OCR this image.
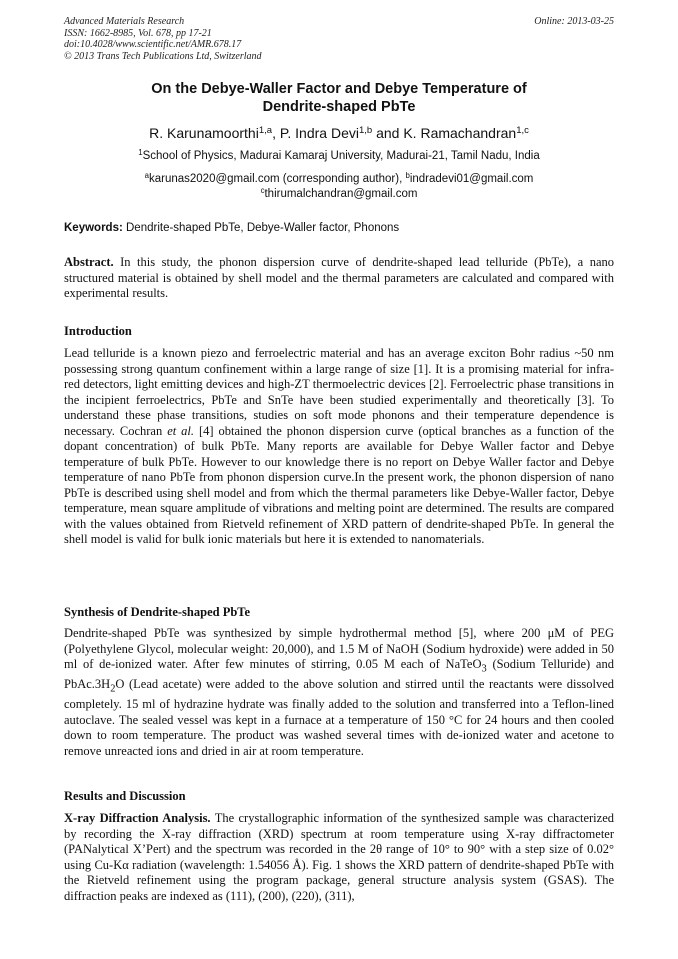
Advanced Materials Research
ISSN: 1662-8985, Vol. 678, pp 17-21
doi:10.4028/www.scientific.net/AMR.678.17
© 2013 Trans Tech Publications Ltd, Switzerland
Online: 2013-03-25
On the Debye-Waller Factor and Debye Temperature of
Dendrite-shaped PbTe
R. Karunamoorthi$^{1,a}$, P. Indra Devi$^{1,b}$ and K. Ramachandran$^{1,c}$
$^1$School of Physics, Madurai Kamaraj University, Madurai-21, Tamil Nadu, India
$^a$karunas2020@gmail.com (corresponding author), $^b$indradevi01@gmail.com
$^c$thirumalchandran@gmail.com
Keywords: Dendrite-shaped PbTe, Debye-Waller factor, Phonons
Abstract. In this study, the phonon dispersion curve of dendrite-shaped lead telluride (PbTe), a nano structured material is obtained by shell model and the thermal parameters are calculated and compared with experimental results.
Introduction
Lead telluride is a known piezo and ferroelectric material and has an average exciton Bohr radius ~50 nm possessing strong quantum confinement within a large range of size [1]. It is a promising material for infra-red detectors, light emitting devices and high-ZT thermoelectric devices [2]. Ferroelectric phase transitions in the incipient ferroelectrics, PbTe and SnTe have been studied experimentally and theoretically [3]. To understand these phase transitions, studies on soft mode phonons and their temperature dependence is necessary. Cochran et al. [4] obtained the phonon dispersion curve (optical branches as a function of the dopant concentration) of bulk PbTe. Many reports are available for Debye Waller factor and Debye temperature of bulk PbTe. However to our knowledge there is no report on Debye Waller factor and Debye temperature of nano PbTe from phonon dispersion curve.In the present work, the phonon dispersion of nano PbTe is described using shell model and from which the thermal parameters like Debye-Waller factor, Debye temperature, mean square amplitude of vibrations and melting point are determined. The results are compared with the values obtained from Rietveld refinement of XRD pattern of dendrite-shaped PbTe. In general the shell model is valid for bulk ionic materials but here it is extended to nanomaterials.
Synthesis of Dendrite-shaped PbTe
Dendrite-shaped PbTe was synthesized by simple hydrothermal method [5], where 200 μM of PEG (Polyethylene Glycol, molecular weight: 20,000), and 1.5 M of NaOH (Sodium hydroxide) were added in 50 ml of de-ionized water. After few minutes of stirring, 0.05 M each of NaTeO$_3$ (Sodium Telluride) and $PbAc.3H_2O$ (Lead acetate) were added to the above solution and stirred until the reactants were dissolved completely. 15 ml of hydrazine hydrate was finally added to the solution and transferred into a Teflon-lined autoclave. The sealed vessel was kept in a furnace at a temperature of 150 °C for 24 hours and then cooled down to room temperature. The product was washed several times with de-ionized water and acetone to remove unreacted ions and dried in air at room temperature.
Results and Discussion
X-ray Diffraction Analysis. The crystallographic information of the synthesized sample was characterized by recording the X-ray diffraction (XRD) spectrum at room temperature using X-ray diffractometer (PANalytical X’Pert) and the spectrum was recorded in the 2θ range of 10° to 90° with a step size of 0.02° using Cu-Kα radiation (wavelength: 1.54056 Å). Fig. 1 shows the XRD pattern of dendrite-shaped PbTe with the Rietveld refinement using the program package, general structure analysis system (GSAS). The diffraction peaks are indexed as (111), (200), (220), (311),
